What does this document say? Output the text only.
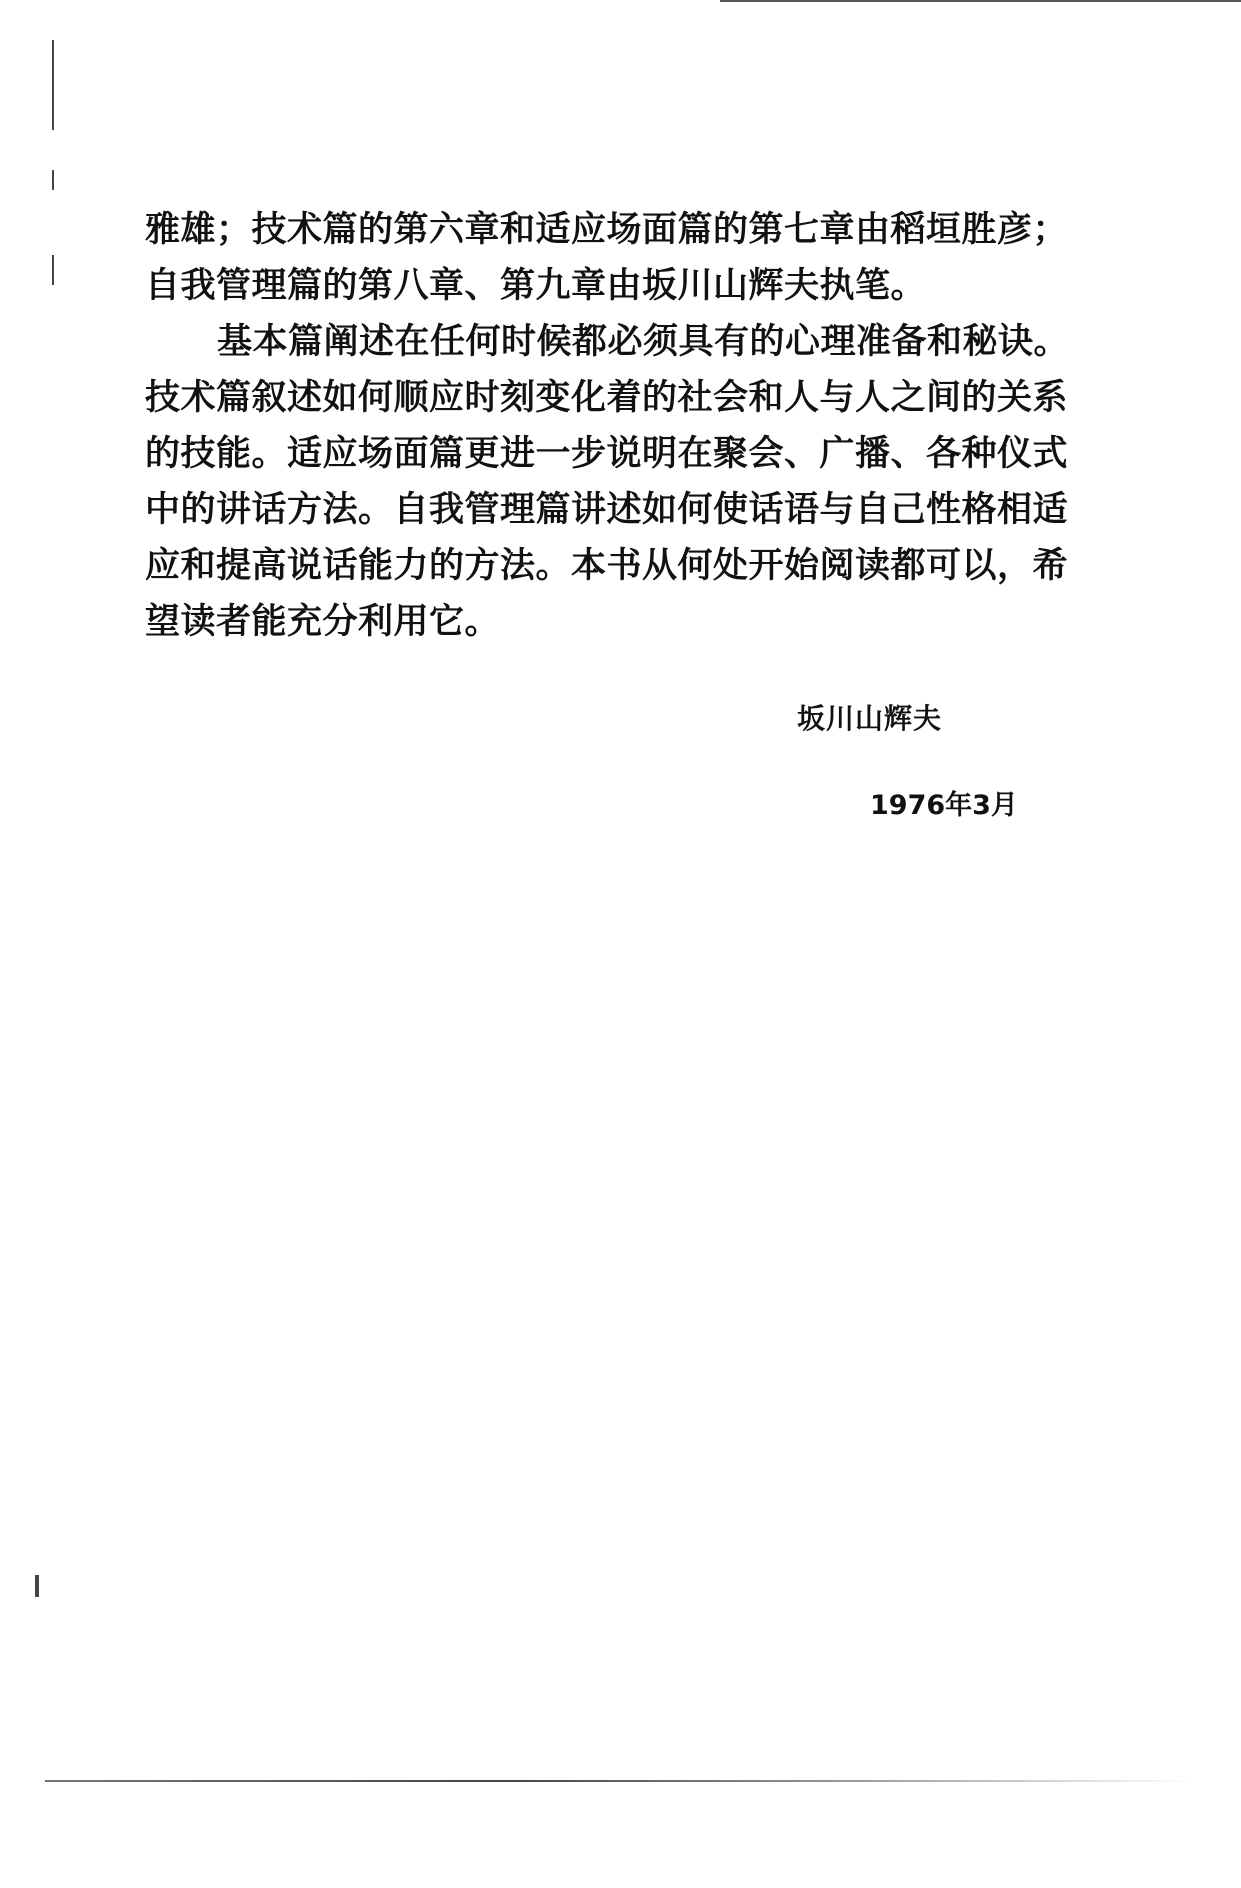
雅雄；技术篇的第六章和适应场面篇的第七章由稻垣胜彦；
自我管理篇的第八章、第九章由坂川山辉夫执笔。
基本篇阐述在任何时候都必须具有的心理准备和秘诀。
技术篇叙述如何顺应时刻变化着的社会和人与人之间的关系
的技能。适应场面篇更进一步说明在聚会、广播、各种仪式
中的讲话方法。自我管理篇讲述如何使话语与自己性格相适
应和提高说话能力的方法。本书从何处开始阅读都可以，希
望读者能充分利用它。
坂川山辉夫
1976年3月
